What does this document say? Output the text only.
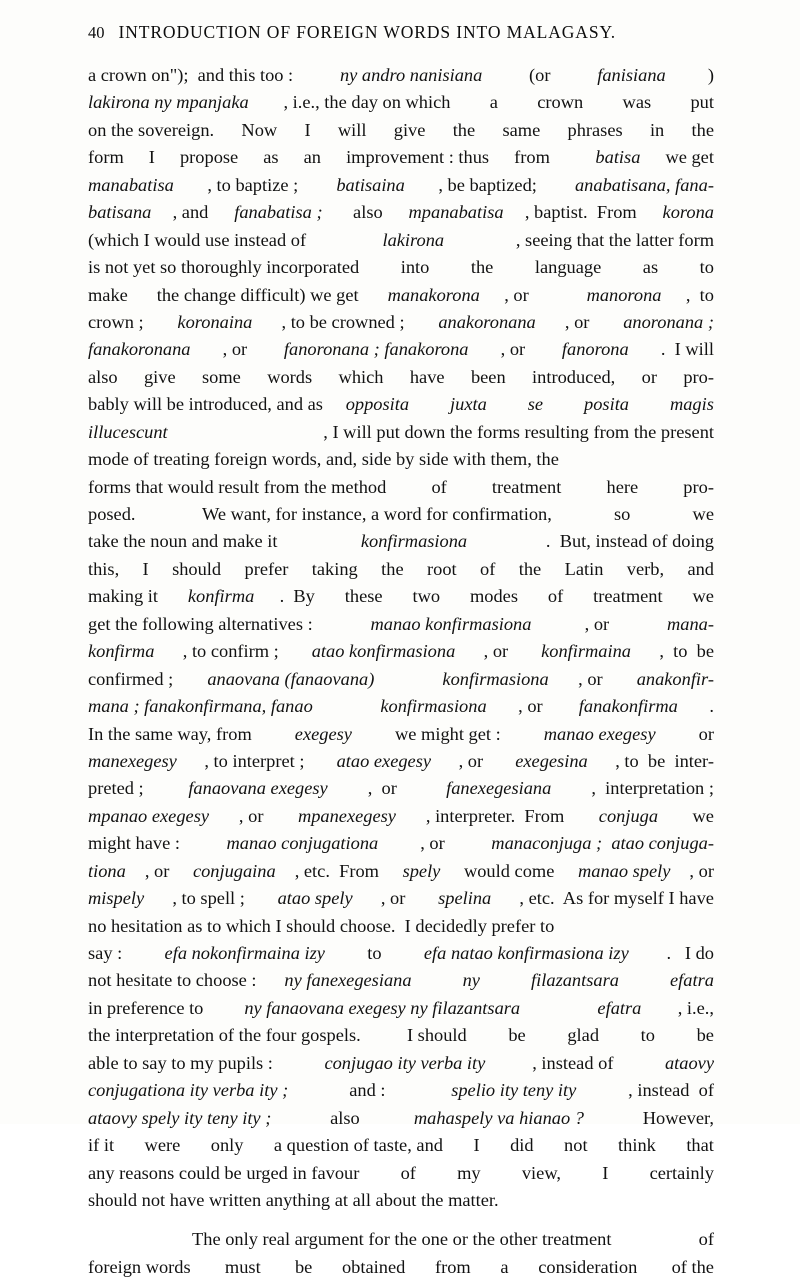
40 INTRODUCTION OF FOREIGN WORDS INTO MALAGASY.
a crown on");  and this too : ny andro nanisiana (or fanisiana )
lakirona ny mpanjaka , i.e., the day on which a crown was put
on the sovereign. Now I will give the same phrases in the
form I propose as an improvement : thus from
batisa we get
manabatisa , to baptize ; batisaina , be baptized; anabatisana, fana-
batisana , and fanabatisa ; also mpanabatisa , baptist.  From korona
(which I would use instead of	lakirona	, seeing that the latter form
is not yet so thoroughly incorporated into the language as to
make the change difficult) we get manakorona , or
	manorona ,  to
crown ; koronaina , to be crowned ; anakoronana , or anoronana ;
fanakoronana , or fanoronana ; fanakorona , or fanorona .  I will
also give some words which have been introduced, or pro-
bably will be introduced, and as opposita
juxta
se
posita
magis
illucescunt	, I will put down the forms resulting from the present
mode of treating foreign words, and, side by side with them, the
forms that would result from the method of treatment here pro-
posed.	We want, for instance, a word for confirmation,	so	we
take the noun and make it	konfirmasiona	.  But, instead of doing
this, I should prefer taking the root of the Latin verb, and
making it konfirma .  By these two modes of treatment we
get the following alternatives :	manao konfirmasiona	, or	mana-
konfirma , to confirm ; atao konfirmasiona , or konfirmaina ,  to  be
confirmed ; anaovana (fanaovana)
	konfirmasiona , or anakonfir-
mana ; fanakonfirmana, fanao
	konfirmasiona , or fanakonfirma .
In the same way, from exegesy we might get : manao exegesy or
manexegesy , to interpret ; atao exegesy , or exegesina , to  be  inter-
preted ; fanaovana exegesy ,  or fanexegesiana ,  interpretation ;
mpanao exegesy , or mpanexegesy , interpreter.  From conjuga we
might have : manao conjugationa , or manaconjuga ;  atao conjuga-
tiona , or conjugaina , etc.  From spely would come manao spely , or
mispely , to spell ; atao spely , or spelina , etc.  As for myself I have
no hesitation as to which I should choose.  I decidedly prefer to
say : efa nokonfirmaina izy to efa natao konfirmasiona izy .   I do
not hesitate to choose : ny fanexegesiana
	ny
	filazantsara
	efatra
in preference to ny fanaovana exegesy ny filazantsara
	efatra , i.e.,
the interpretation of the four gospels. I should be glad to be
able to say to my pupils :	conjugao ity verba ity	, instead of	ataovy
conjugationa ity verba ity ;	and :	spelio ity teny ity	, instead  of
ataovy spely ity teny ity ;	also	mahaspely va hianao ?	However,
if it were only a question of taste, and I did not think that
any reasons could be urged in favour of my view, I certainly
should not have written anything at all about the matter.
The only real argument for the one or the other treatment	of
foreign words must be obtained from a consideration of the
